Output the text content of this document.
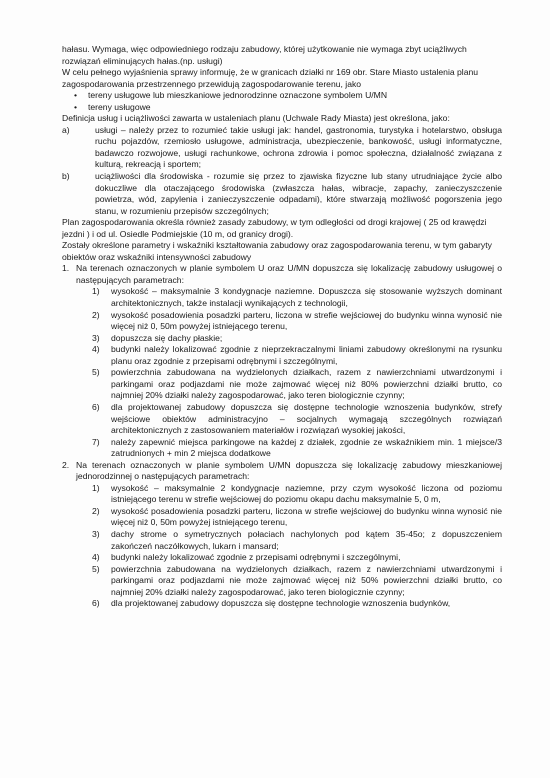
hałasu. Wymaga, więc odpowiedniego rodzaju zabudowy, której użytkowanie nie wymaga zbyt uciążliwych rozwiązań eliminujących hałas.(np. usługi)

W celu pełnego wyjaśnienia sprawy informuję, że w granicach działki nr 169 obr. Stare Miasto ustalenia planu zagospodarowania przestrzennego przewidują zagospodarowanie terenu, jako

• tereny usługowe lub mieszkaniowe jednorodzinne oznaczone symbolem U/MN
• tereny usługowe

Definicja usług i uciążliwości zawarta w ustaleniach planu (Uchwale Rady Miasta) jest określona, jako:

a)	usługi – należy przez to rozumieć takie usługi jak: handel, gastronomia, turystyka i hotelarstwo, obsługa ruchu pojazdów, rzemiosło usługowe, administracja, ubezpieczenie, bankowość, usługi informatyczne, badawczo rozwojowe, usługi rachunkowe, ochrona zdrowia i pomoc społeczna, działalność związana z kulturą, rekreacją i sportem;
b)	uciążliwości dla środowiska - rozumie się przez to zjawiska fizyczne lub stany utrudniające życie albo dokuczliwe dla otaczającego środowiska (zwłaszcza hałas, wibracje, zapachy, zanieczyszczenie powietrza, wód, zapylenia i zanieczyszczenie odpadami), które stwarzają możliwość pogorszenia jego stanu, w rozumieniu przepisów szczególnych;

Plan zagospodarowania określa również zasady zabudowy, w tym odległości od drogi krajowej ( 25 od krawędzi jezdni ) i od ul. Osiedle Podmiejskie (10 m, od granicy drogi).

Zostały określone parametry i wskaźniki kształtowania zabudowy oraz zagospodarowania terenu, w tym gabaryty obiektów oraz wskaźniki intensywności zabudowy

1. Na terenach oznaczonych w planie symbolem U oraz U/MN dopuszcza się lokalizację zabudowy usługowej o następujących parametrach:
1) wysokość – maksymalnie 3 kondygnacje naziemne. Dopuszcza się stosowanie wyższych dominant architektonicznych, także instalacji wynikających z technologii,
2) wysokość posadowienia posadzki parteru, liczona w strefie wejściowej do budynku winna wynosić nie więcej niż 0, 50m powyżej istniejącego terenu,
3) dopuszcza się dachy płaskie;
4) budynki należy lokalizować zgodnie z nieprzekraczalnymi liniami zabudowy określonymi na rysunku planu oraz zgodnie z przepisami odrębnymi i szczególnymi,
5) powierzchnia zabudowana na wydzielonych działkach, razem z nawierzchniami utwardzonymi i parkingami oraz podjazdami nie może zajmować więcej niż 80% powierzchni działki brutto, co najmniej 20% działki należy zagospodarować, jako teren biologicznie czynny;
6) dla projektowanej zabudowy dopuszcza się dostępne technologie wznoszenia budynków, strefy wejściowe obiektów administracyjno – socjalnych wymagają szczególnych rozwiązań architektonicznych z zastosowaniem materiałów i rozwiązań wysokiej jakości,
7) należy zapewnić miejsca parkingowe na każdej z działek, zgodnie ze wskaźnikiem min. 1 miejsce/3 zatrudnionych + min 2 miejsca dodatkowe
2. Na terenach oznaczonych w planie symbolem U/MN dopuszcza się lokalizację zabudowy mieszkaniowej jednorodzinnej o następujących parametrach:
1) wysokość – maksymalnie 2 kondygnacje naziemne, przy czym wysokość liczona od poziomu istniejącego terenu w strefie wejściowej do poziomu okapu dachu maksymalnie 5, 0 m,
2) wysokość posadowienia posadzki parteru, liczona w strefie wejściowej do budynku winna wynosić nie więcej niż 0, 50m powyżej istniejącego terenu,
3) dachy strome o symetrycznych połaciach nachylonych pod kątem 35-45o; z dopuszczeniem zakończeń naczółkowych, lukarn i mansard;
4) budynki należy lokalizować zgodnie z przepisami odrębnymi i szczególnymi,
5) powierzchnia zabudowana na wydzielonych działkach, razem z nawierzchniami utwardzonymi i parkingami oraz podjazdami nie może zajmować więcej niż 50% powierzchni działki brutto, co najmniej 20% działki należy zagospodarować, jako teren biologicznie czynny;
6) dla projektowanej zabudowy dopuszcza się dostępne technologie wznoszenia budynków,
